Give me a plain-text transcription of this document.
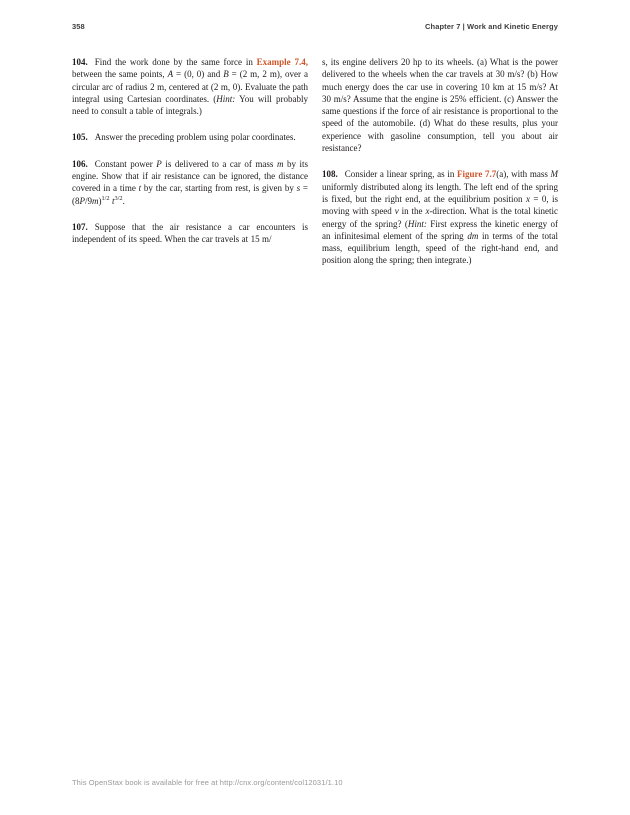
358	Chapter 7 | Work and Kinetic Energy

104. Find the work done by the same force in Example 7.4, between the same points, A = (0, 0) and B = (2 m, 2 m), over a circular arc of radius 2 m, centered at (2 m, 0). Evaluate the path integral using Cartesian coordinates. (Hint: You will probably need to consult a table of integrals.)

105. Answer the preceding problem using polar coordinates.

106. Constant power P is delivered to a car of mass m by its engine. Show that if air resistance can be ignored, the distance covered in a time t by the car, starting from rest, is given by $s = (8P/9m)^{1/2}$ $t^{3/2}$.

107. Suppose that the air resistance a car encounters is independent of its speed. When the car travels at 15 m/

s, its engine delivers 20 hp to its wheels. (a) What is the power delivered to the wheels when the car travels at 30 m/s? (b) How much energy does the car use in covering 10 km at 15 m/s? At 30 m/s? Assume that the engine is 25% efficient. (c) Answer the same questions if the force of air resistance is proportional to the speed of the automobile. (d) What do these results, plus your experience with gasoline consumption, tell you about air resistance?

108. Consider a linear spring, as in Figure 7.7(a), with mass M uniformly distributed along its length. The left end of the spring is fixed, but the right end, at the equilibrium position x = 0, is moving with speed v in the x-direction. What is the total kinetic energy of the spring? (Hint: First express the kinetic energy of an infinitesimal element of the spring dm in terms of the total mass, equilibrium length, speed of the right-hand end, and position along the spring; then integrate.)

This OpenStax book is available for free at http://cnx.org/content/col12031/1.10
